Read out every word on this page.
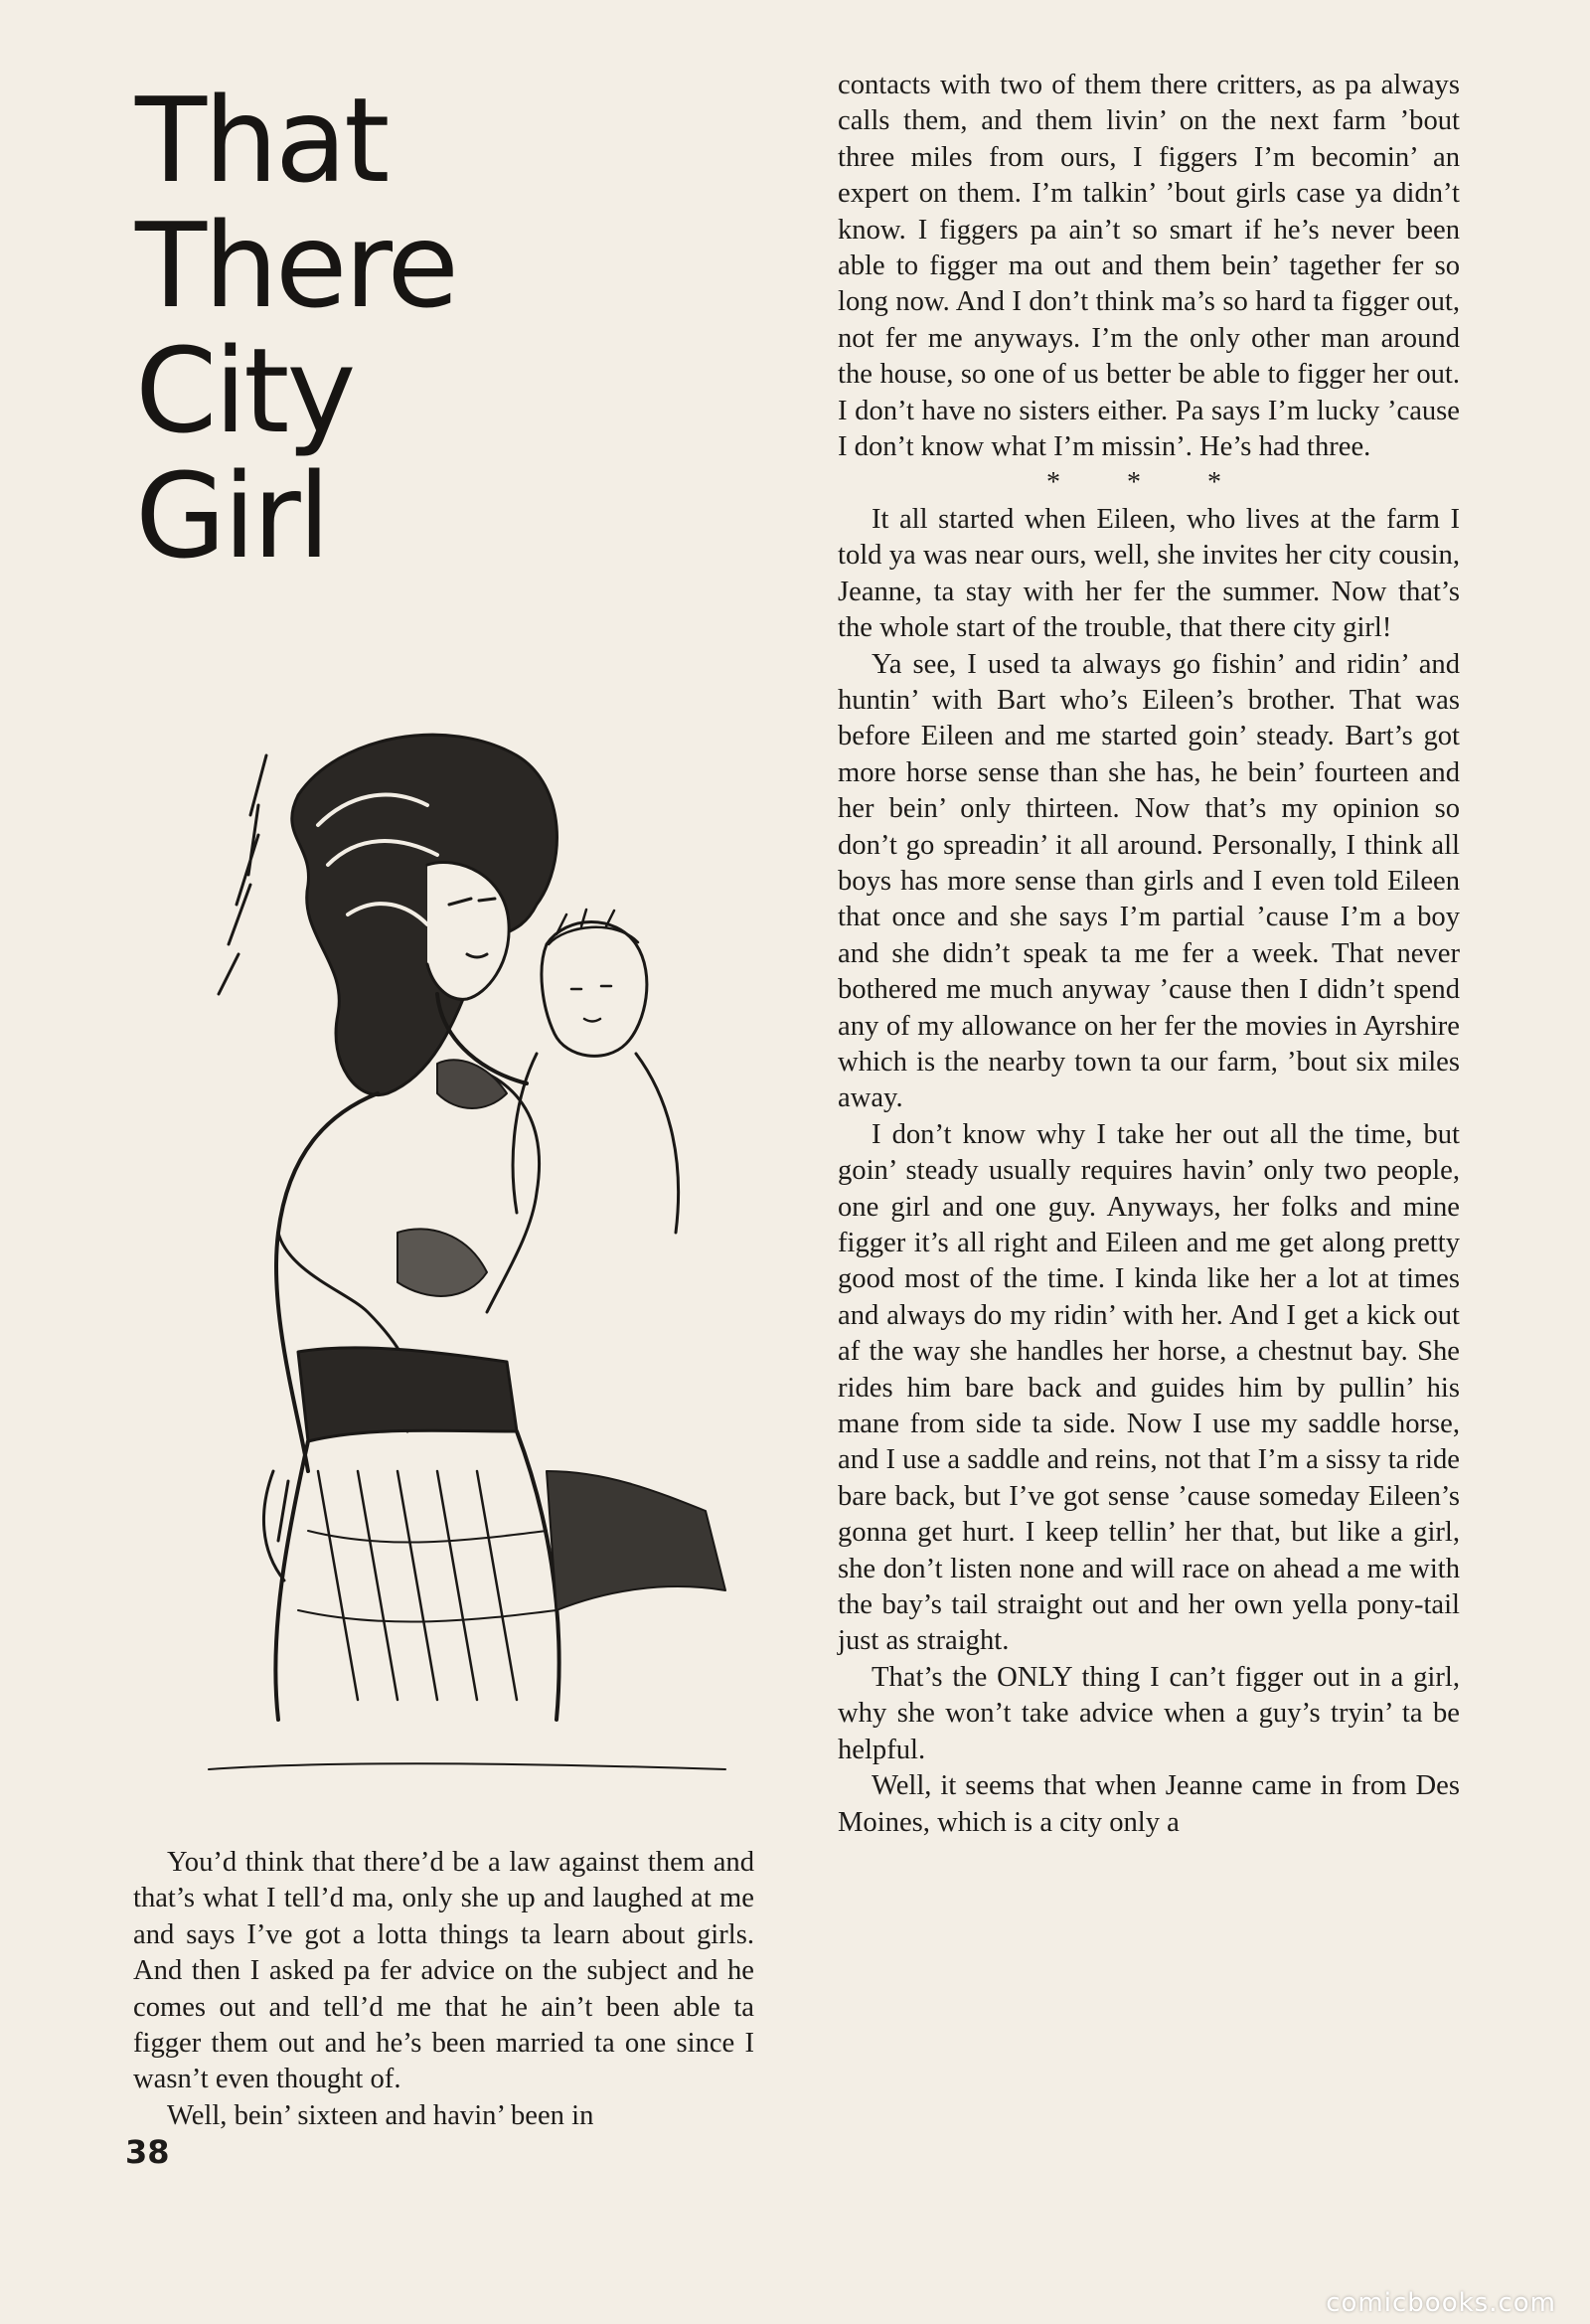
That
There
City
Girl

You’d think that there’d be a law against them and that’s what I tell’d ma, only she up and laughed at me and says I’ve got a lotta things ta learn about girls. And then I asked pa fer advice on the subject and he comes out and tell’d me that he ain’t been able ta figger them out and he’s been married ta one since I wasn’t even thought of.

Well, bein’ sixteen and havin’ been in

contacts with two of them there critters, as pa always calls them, and them livin’ on the next farm ’bout three miles from ours, I figgers I’m becomin’ an expert on them. I’m talkin’ ’bout girls case ya didn’t know. I figgers pa ain’t so smart if he’s never been able to figger ma out and them bein’ tagether fer so long now. And I don’t think ma’s so hard ta figger out, not fer me anyways. I’m the only other man around the house, so one of us better be able to figger her out. I don’t have no sisters either. Pa says I’m lucky ’cause I don’t know what I’m missin’. He’s had three.

* * *

It all started when Eileen, who lives at the farm I told ya was near ours, well, she invites her city cousin, Jeanne, ta stay with her fer the summer. Now that’s the whole start of the trouble, that there city girl!

Ya see, I used ta always go fishin’ and ridin’ and huntin’ with Bart who’s Eileen’s brother. That was before Eileen and me started goin’ steady. Bart’s got more horse sense than she has, he bein’ fourteen and her bein’ only thirteen. Now that’s my opinion so don’t go spreadin’ it all around. Personally, I think all boys has more sense than girls and I even told Eileen that once and she says I’m partial ’cause I’m a boy and she didn’t speak ta me fer a week. That never bothered me much anyway ’cause then I didn’t spend any of my allowance on her fer the movies in Ayrshire which is the nearby town ta our farm, ’bout six miles away.

I don’t know why I take her out all the time, but goin’ steady usually requires havin’ only two people, one girl and one guy. Anyways, her folks and mine figger it’s all right and Eileen and me get along pretty good most of the time. I kinda like her a lot at times and always do my ridin’ with her. And I get a kick out af the way she handles her horse, a chestnut bay. She rides him bare back and guides him by pullin’ his mane from side ta side. Now I use my saddle horse, and I use a saddle and reins, not that I’m a sissy ta ride bare back, but I’ve got sense ’cause someday Eileen’s gonna get hurt. I keep tellin’ her that, but like a girl, she don’t listen none and will race on ahead a me with the bay’s tail straight out and her own yella pony-tail just as straight.

That’s the ONLY thing I can’t figger out in a girl, why she won’t take advice when a guy’s tryin’ ta be helpful.

Well, it seems that when Jeanne came in from Des Moines, which is a city only a

38
comicbooks.com
